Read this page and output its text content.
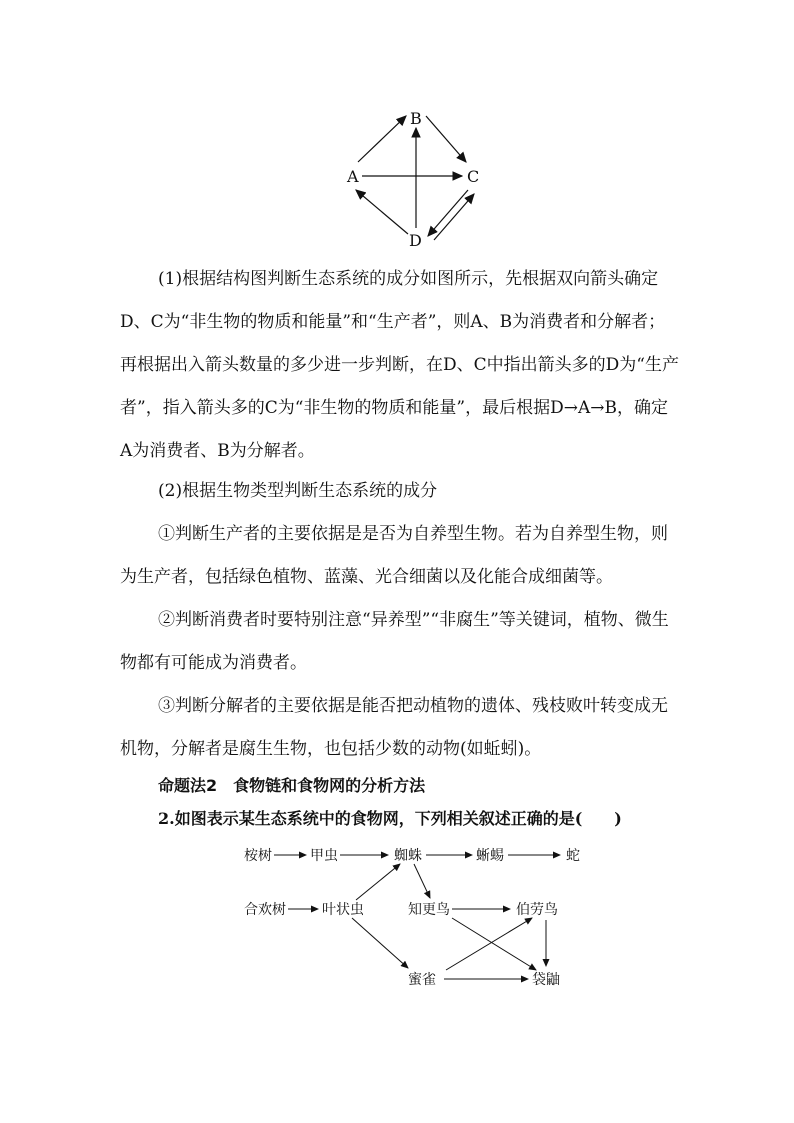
B
A	C
D

(1)根据结构图判断生态系统的成分如图所示，先根据双向箭头确定D、C为“非生物的物质和能量”和“生产者”，则A、B为消费者和分解者；再根据出入箭头数量的多少进一步判断，在D、C中指出箭头多的D为“生产者”，指入箭头多的C为“非生物的物质和能量”，最后根据D→A→B，确定A为消费者、B为分解者。

(2)根据生物类型判断生态系统的成分

①判断生产者的主要依据是是否为自养型生物。若为自养型生物，则为生产者，包括绿色植物、蓝藻、光合细菌以及化能合成细菌等。

②判断消费者时要特别注意“异养型”“非腐生”等关键词，植物、微生物都有可能成为消费者。

③判断分解者的主要依据是能否把动植物的遗体、残枝败叶转变成无机物，分解者是腐生生物，也包括少数的动物(如蚯蚓)。

命题法2　食物链和食物网的分析方法

2.如图表示某生态系统中的食物网，下列相关叙述正确的是(　　)

桉树	甲虫	蜘蛛	蜥蜴	蛇
合欢树	叶状虫	知更鸟	伯劳鸟
蜜雀	袋鼬
